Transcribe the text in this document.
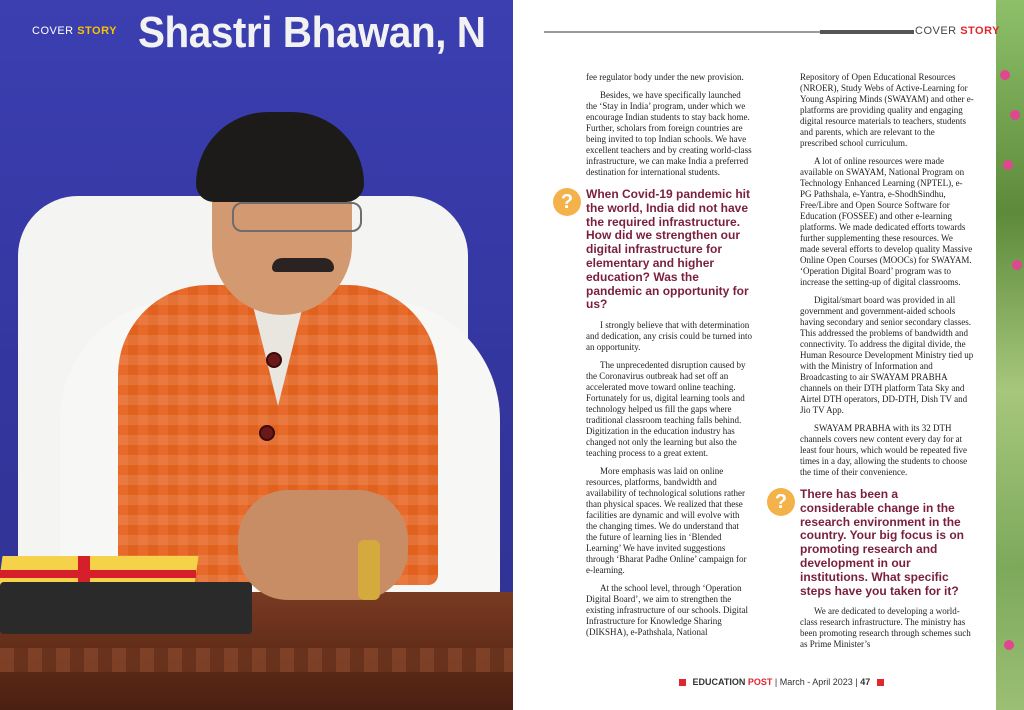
Shastri Bhawan, N
COVER STORY	COVER STORY

fee regulator body under the new provision.

Besides, we have specifically launched the ‘Stay in India’ program, under which we encourage Indian students to stay back home. Further, scholars from foreign countries are being invited to top Indian schools. We have excellent teachers and by creating world-class infrastructure, we can make India a preferred destination for international students.

?	When Covid-19 pandemic hit the world, India did not have the required infrastructure. How did we strengthen our digital infrastructure for elementary and higher education? Was the pandemic an opportunity for us?

I strongly believe that with determination and dedication, any crisis could be turned into an opportunity.

The unprecedented disruption caused by the Coronavirus outbreak had set off an accelerated move toward online teaching. Fortunately for us, digital learning tools and technology helped us fill the gaps where traditional classroom teaching falls behind. Digitization in the education industry has changed not only the learning but also the teaching process to a great extent.

More emphasis was laid on online resources, platforms, bandwidth and availability of technological solutions rather than physical spaces. We realized that these facilities are dynamic and will evolve with the changing times. We do understand that the future of learning lies in ‘Blended Learning’ We have invited suggestions through ‘Bharat Padhe Online’ campaign for e-learning.

At the school level, through ‘Operation Digital Board’, we aim to strengthen the existing infrastructure of our schools. Digital Infrastructure for Knowledge Sharing (DIKSHA), e-Pathshala, National

Repository of Open Educational Resources (NROER), Study Webs of Active-Learning for Young Aspiring Minds (SWAYAM) and other e-platforms are providing quality and engaging digital resource materials to teachers, students and parents, which are relevant to the prescribed school curriculum.

A lot of online resources were made available on SWAYAM, National Program on Technology Enhanced Learning (NPTEL), e-PG Pathshala, e-Yantra, e-ShodhSindhu, Free/Libre and Open Source Software for Education (FOSSEE) and other e-learning platforms. We made dedicated efforts towards further supplementing these resources. We made several efforts to develop quality Massive Online Open Courses (MOOCs) for SWAYAM. ‘Operation Digital Board’ program was to increase the setting-up of digital classrooms.

Digital/smart board was provided in all government and government-aided schools having secondary and senior secondary classes. This addressed the problems of bandwidth and connectivity. To address the digital divide, the Human Resource Development Ministry tied up with the Ministry of Information and Broadcasting to air SWAYAM PRABHA channels on their DTH platform Tata Sky and Airtel DTH operators, DD-DTH, Dish TV and Jio TV App.

SWAYAM PRABHA with its 32 DTH channels covers new content every day for at least four hours, which would be repeated five times in a day, allowing the students to choose the time of their convenience.

?	There has been a considerable change in the research environment in the country. Your big focus is on promoting research and development in our institutions. What specific steps have you taken for it?

We are dedicated to developing a world-class research infrastructure. The ministry has been promoting research through schemes such as Prime Minister’s

EDUCATION POST | March - April 2023 | 47
